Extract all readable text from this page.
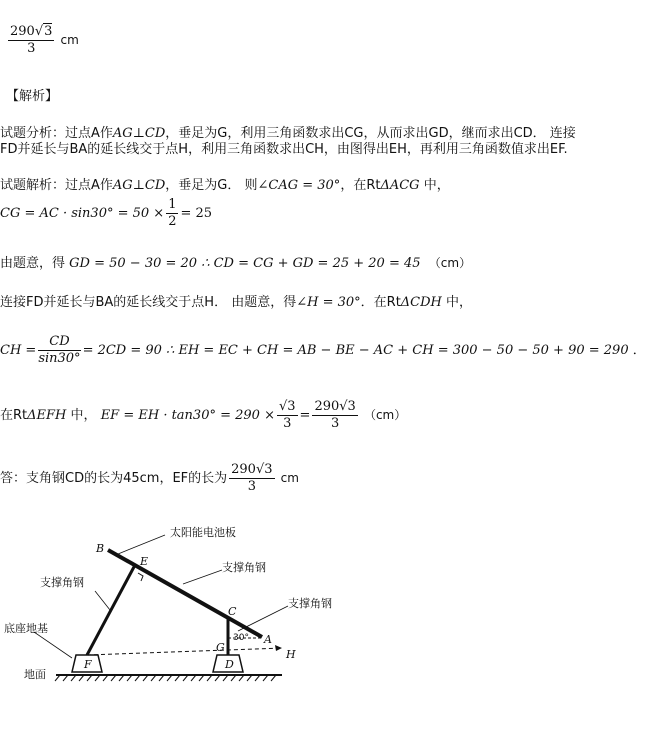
$\frac{290√3}{3}$ cm
【解析】
试题分析：过点A作AG⊥CD，垂足为G，利用三角函数求出CG，从而求出GD，继而求出CD． 连接
FD并延长与BA的延长线交于点H，利用三角函数求出CH，由图得出EH，再利用三角函数值求出EF.
试题解析：过点A作AG⊥CD，垂足为G． 则∠CAG = 30°，在RtΔACG 中，
CG = AC · $\sin 30^\circ = 50 \times \frac{1}{2} = 25$
由题意，得 GD = 50 − 30 = 20 ∴ CD = CG + GD = 25 + 20 = 45 （cm）
连接FD并延长与BA的延长线交于点H． 由题意，得∠H = 30°．在RtΔCDH 中，
CH = $\frac{CD}{\sin 30^\circ} = 2CD = 90$ ∴ EH = EC + CH = AB − BE − AC + CH = 300 − 50 − 50 + 90 = 290 ．
在RtΔEFH 中， EF = EH · $\tan 30^\circ = 290 \times \frac{√3}{3} = \frac{290√3}{3} (cm)$
答：支角钢CD的长为45cm，EF的长为 $\frac{290√3}{3}$ cm
太阳能电池板
支撑角钢
支撑角钢
支撑角钢
底座地基
地面
30°
B
E
C
A
G
H
F	D
